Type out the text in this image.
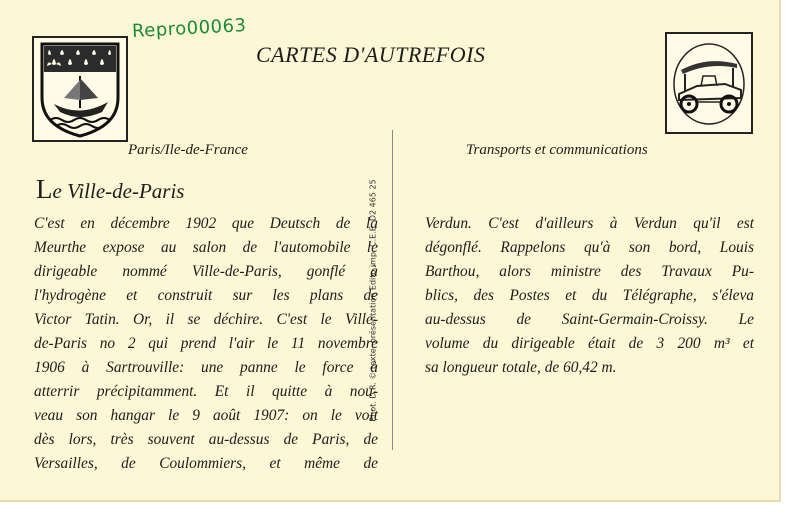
Repro00063
CARTES D'AUTREFOIS
Paris/Ile-de-France	Transports et communications
Le Ville-de-Paris	Phot. D.R. © texte, présentation Edito imp. C.E.E. D2 465 25
C'est en décembre 1902 que Deutsch de la
Meurthe expose au salon de l'automobile le
dirigeable nommé Ville-de-Paris, gonflé à
l'hydrogène et construit sur les plans de
Victor Tatin. Or, il se déchire. C'est le Ville-
de-Paris no 2 qui prend l'air le 11 novembre
1906 à Sartrouville: une panne le force à
atterrir précipitamment. Et il quitte à nou-
veau son hangar le 9 août 1907: on le voit
dès lors, très souvent au-dessus de Paris, de
Versailles, de Coulommiers, et même de
Verdun. C'est d'ailleurs à Verdun qu'il est
dégonflé. Rappelons qu'à son bord, Louis
Barthou, alors ministre des Travaux Pu-
blics, des Postes et du Télégraphe, s'éleva
au-dessus de Saint-Germain-Croissy. Le
volume du dirigeable était de 3 200 m³ et
sa longueur totale, de 60,42 m.
